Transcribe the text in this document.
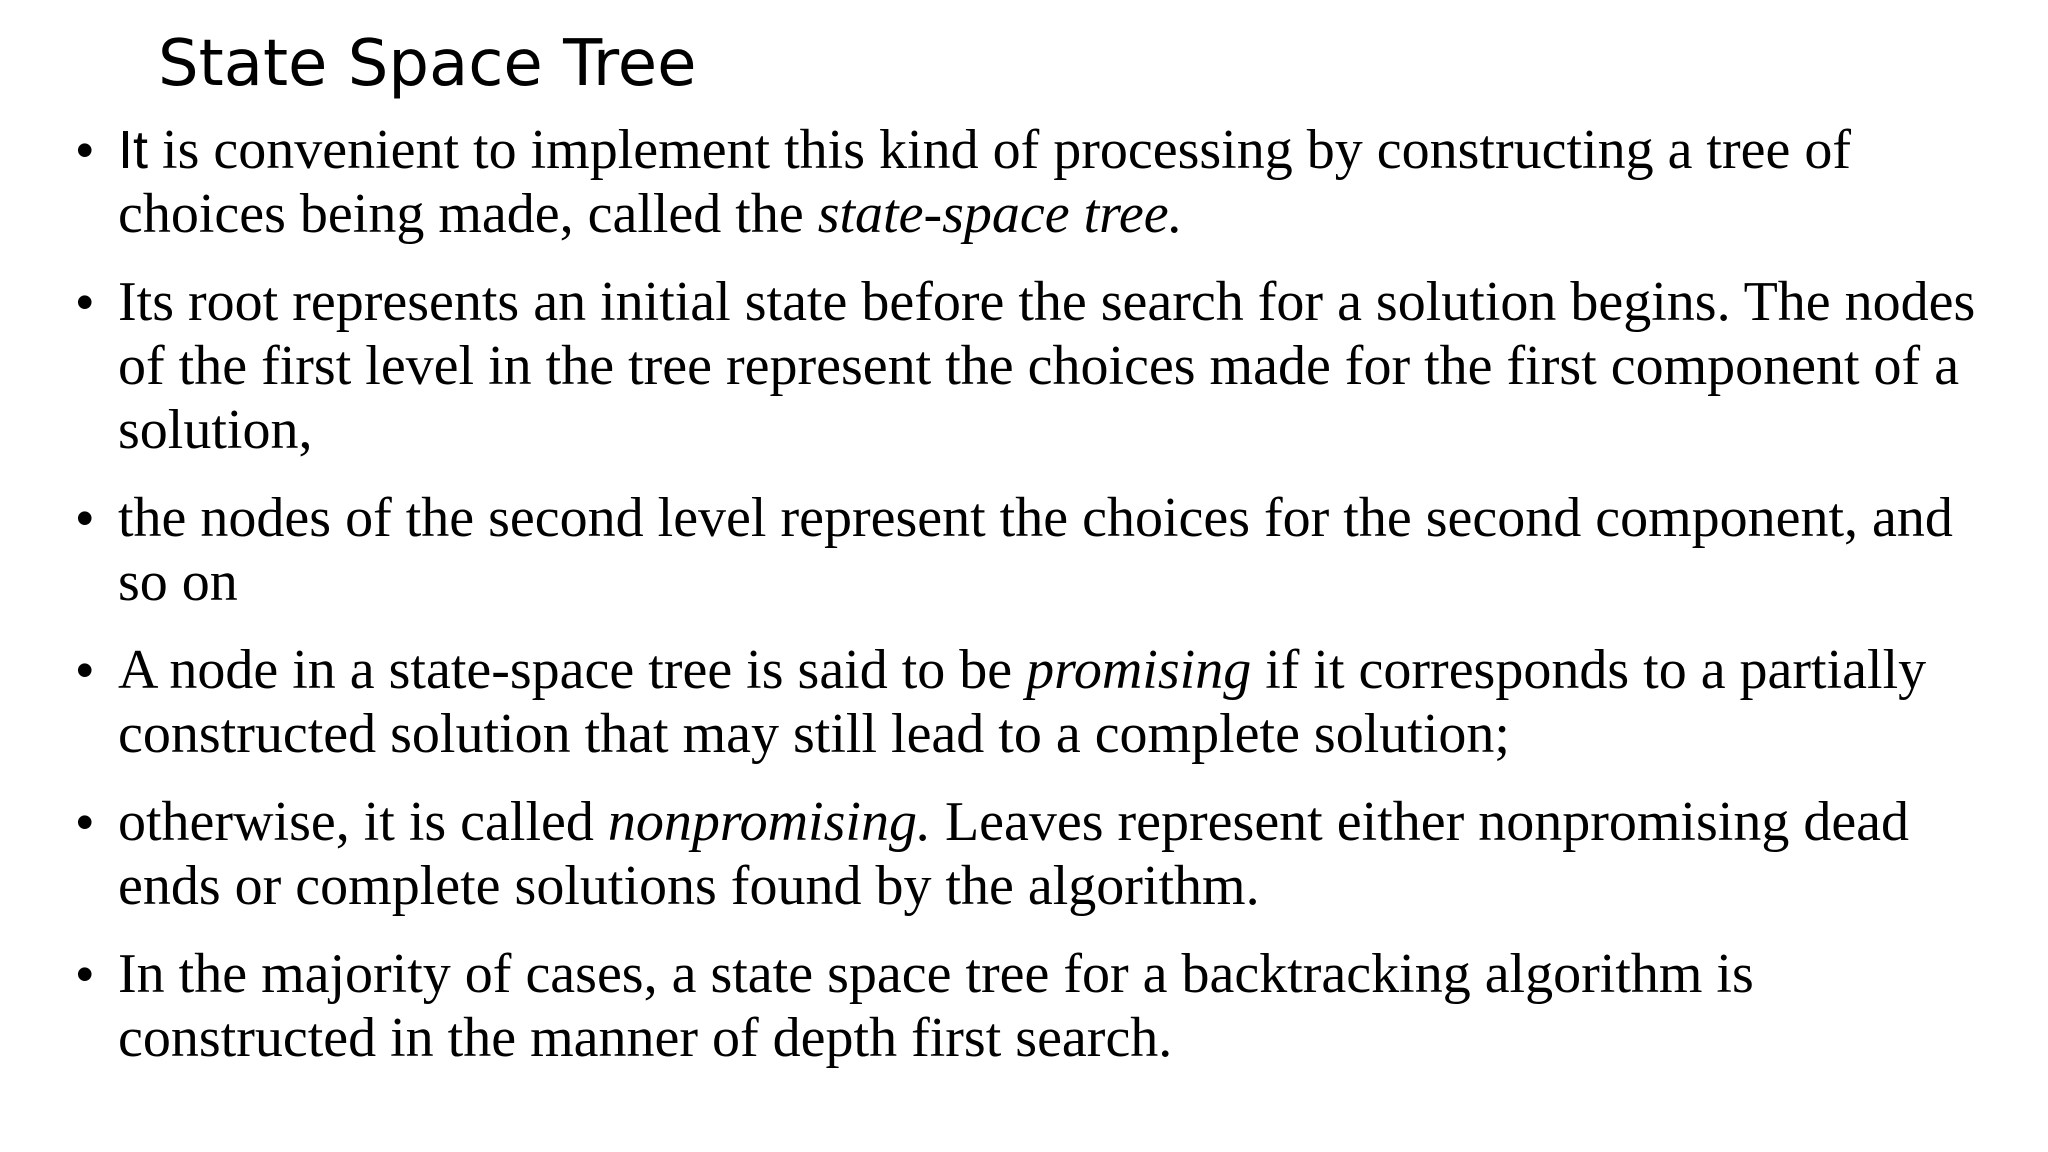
State Space Tree
• It is convenient to implement this kind of processing by constructing a tree of choices being made, called the state-space tree.
• Its root represents an initial state before the search for a solution begins. The nodes of the first level in the tree represent the choices made for the first component of a solution,
• the nodes of the second level represent the choices for the second component, and so on
• A node in a state-space tree is said to be promising if it corresponds to a partially constructed solution that may still lead to a complete solution;
• otherwise, it is called nonpromising. Leaves represent either nonpromising dead ends or complete solutions found by the algorithm.
• In the majority of cases, a state space tree for a backtracking algorithm is constructed in the manner of depth first search.
